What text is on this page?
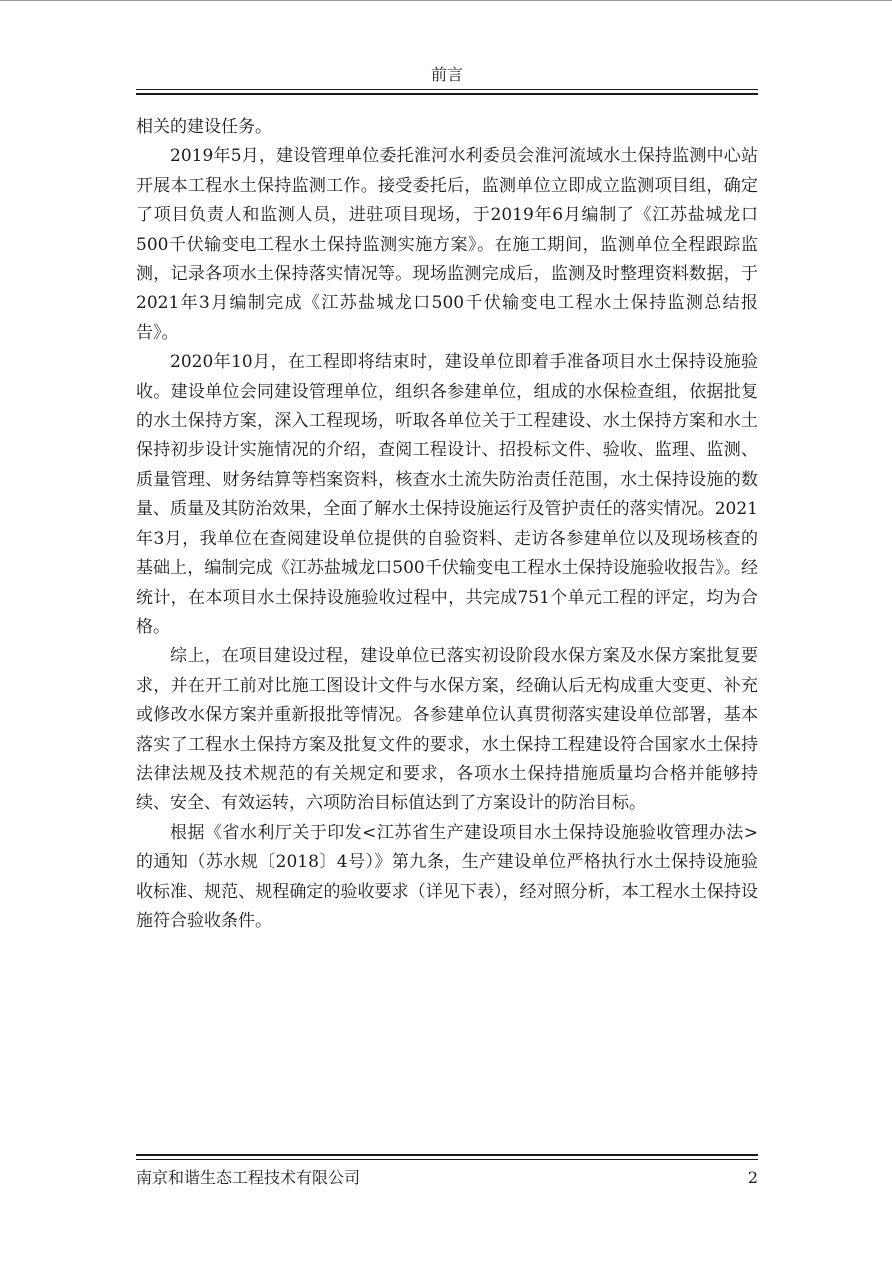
前言

相关的建设任务。

2019年5月，建设管理单位委托淮河水利委员会淮河流域水土保持监测中心站开展本工程水土保持监测工作。接受委托后，监测单位立即成立监测项目组，确定了项目负责人和监测人员，进驻项目现场，于2019年6月编制了《江苏盐城龙口500千伏输变电工程水土保持监测实施方案》。在施工期间，监测单位全程跟踪监测，记录各项水土保持落实情况等。现场监测完成后，监测及时整理资料数据，于2021年3月编制完成《江苏盐城龙口500千伏输变电工程水土保持监测总结报告》。

2020年10月，在工程即将结束时，建设单位即着手准备项目水土保持设施验收。建设单位会同建设管理单位，组织各参建单位，组成的水保检查组，依据批复的水土保持方案，深入工程现场，听取各单位关于工程建设、水土保持方案和水土保持初步设计实施情况的介绍，查阅工程设计、招投标文件、验收、监理、监测、质量管理、财务结算等档案资料，核查水土流失防治责任范围，水土保持设施的数量、质量及其防治效果，全面了解水土保持设施运行及管护责任的落实情况。2021年3月，我单位在查阅建设单位提供的自验资料、走访各参建单位以及现场核查的基础上，编制完成《江苏盐城龙口500千伏输变电工程水土保持设施验收报告》。经统计，在本项目水土保持设施验收过程中，共完成751个单元工程的评定，均为合格。

综上，在项目建设过程，建设单位已落实初设阶段水保方案及水保方案批复要求，并在开工前对比施工图设计文件与水保方案，经确认后无构成重大变更、补充或修改水保方案并重新报批等情况。各参建单位认真贯彻落实建设单位部署，基本落实了工程水土保持方案及批复文件的要求，水土保持工程建设符合国家水土保持法律法规及技术规范的有关规定和要求，各项水土保持措施质量均合格并能够持续、安全、有效运转，六项防治目标值达到了方案设计的防治目标。

根据《省水利厅关于印发<江苏省生产建设项目水土保持设施验收管理办法>的通知（苏水规〔2018〕4号）》第九条，生产建设单位严格执行水土保持设施验收标准、规范、规程确定的验收要求（详见下表），经对照分析，本工程水土保持设施符合验收条件。

南京和谐生态工程技术有限公司	2
